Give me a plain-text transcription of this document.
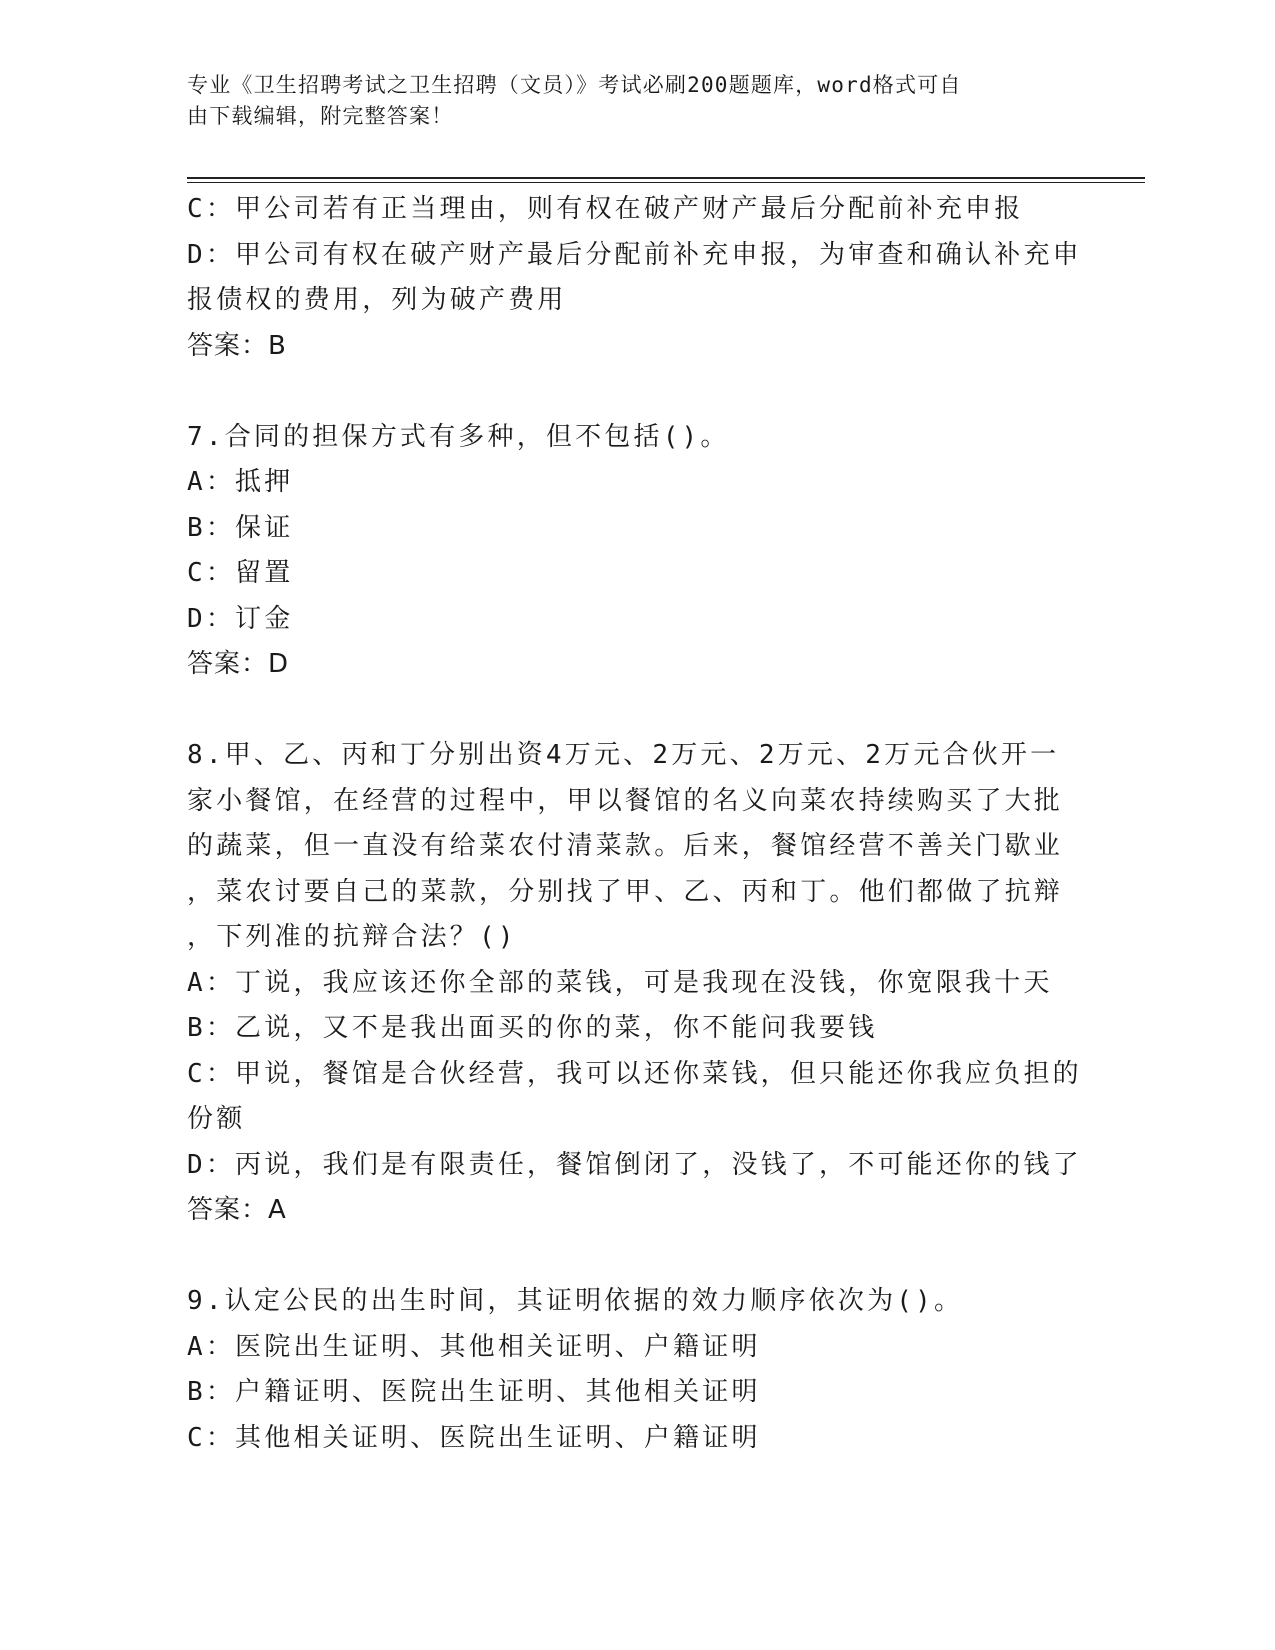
专业《卫生招聘考试之卫生招聘（文员）》考试必刷200题题库，word格式可自
由下载编辑，附完整答案！
C：甲公司若有正当理由，则有权在破产财产最后分配前补充申报
D：甲公司有权在破产财产最后分配前补充申报，为审查和确认补充申
报债权的费用，列为破产费用
答案：B
7.合同的担保方式有多种，但不包括()。
A：抵押
B：保证
C：留置
D：订金
答案：D
8.甲、乙、丙和丁分别出资4万元、2万元、2万元、2万元合伙开一
家小餐馆，在经营的过程中，甲以餐馆的名义向菜农持续购买了大批
的蔬菜，但一直没有给菜农付清菜款。后来，餐馆经营不善关门歇业
，菜农讨要自己的菜款，分别找了甲、乙、丙和丁。他们都做了抗辩
，下列准的抗辩合法？()
A：丁说，我应该还你全部的菜钱，可是我现在没钱，你宽限我十天
B：乙说，又不是我出面买的你的菜，你不能问我要钱
C：甲说，餐馆是合伙经营，我可以还你菜钱，但只能还你我应负担的
份额
D：丙说，我们是有限责任，餐馆倒闭了，没钱了，不可能还你的钱了
答案：A
9.认定公民的出生时间，其证明依据的效力顺序依次为()。
A：医院出生证明、其他相关证明、户籍证明
B：户籍证明、医院出生证明、其他相关证明
C：其他相关证明、医院出生证明、户籍证明
